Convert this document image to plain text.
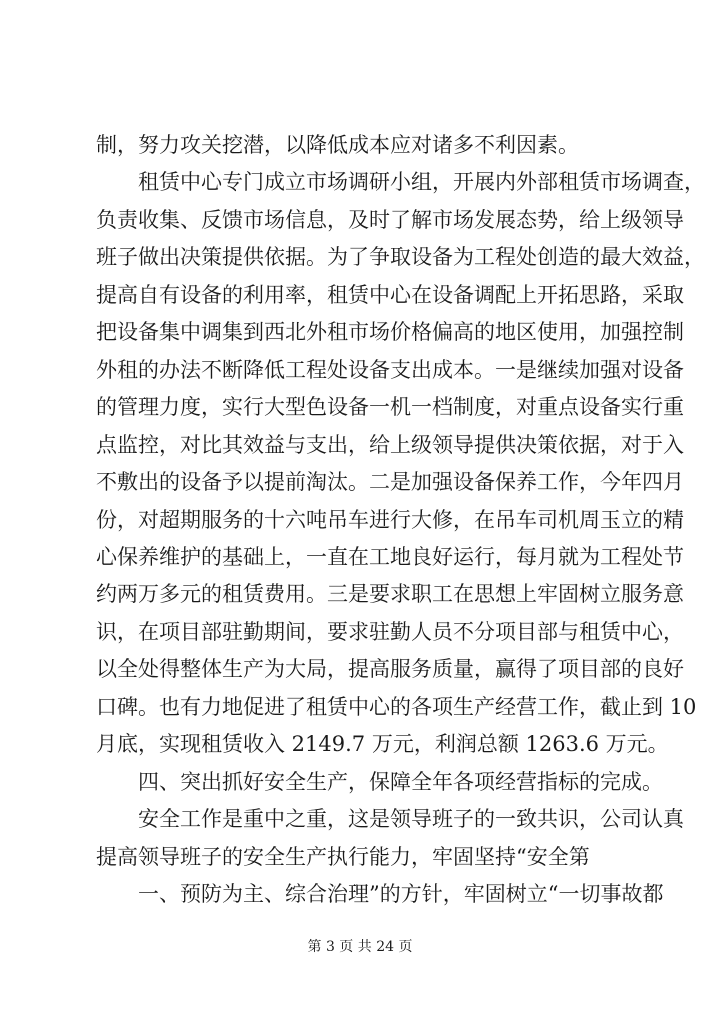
制，努力攻关挖潜，以降低成本应对诸多不利因素。
租赁中心专门成立市场调研小组，开展内外部租赁市场调查，
负责收集、反馈市场信息，及时了解市场发展态势，给上级领导
班子做出决策提供依据。为了争取设备为工程处创造的最大效益，
提高自有设备的利用率，租赁中心在设备调配上开拓思路，采取
把设备集中调集到西北外租市场价格偏高的地区使用，加强控制
外租的办法不断降低工程处设备支出成本。一是继续加强对设备
的管理力度，实行大型色设备一机一档制度，对重点设备实行重
点监控，对比其效益与支出，给上级领导提供决策依据，对于入
不敷出的设备予以提前淘汰。二是加强设备保养工作，今年四月
份，对超期服务的十六吨吊车进行大修，在吊车司机周玉立的精
心保养维护的基础上，一直在工地良好运行，每月就为工程处节
约两万多元的租赁费用。三是要求职工在思想上牢固树立服务意
识，在项目部驻勤期间，要求驻勤人员不分项目部与租赁中心，
以全处得整体生产为大局，提高服务质量，赢得了项目部的良好
口碑。也有力地促进了租赁中心的各项生产经营工作，截止到 10
月底，实现租赁收入 2149.7 万元，利润总额 1263.6 万元。
四、突出抓好安全生产，保障全年各项经营指标的完成。
安全工作是重中之重，这是领导班子的一致共识，公司认真
提高领导班子的安全生产执行能力，牢固坚持“安全第
一、预防为主、综合治理”的方针，牢固树立“一切事故都
第 3 页 共 24 页
